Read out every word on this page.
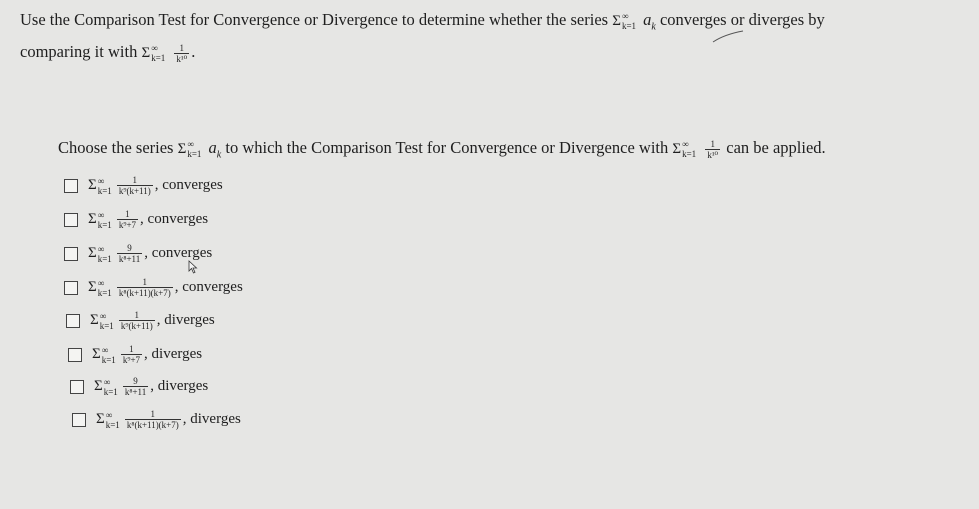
Use the Comparison Test for Convergence or Divergence to determine whether the series Σ ∞
k=1 $a_k$ converges or diverges by
comparing it with Σ ∞
k=1
$\frac{1}{\text{k¹⁰}}$ .
Choose the series Σ ∞
k=1 $a_k$ to which the Comparison Test for Convergence or Divergence with Σ ∞
k=1
$\frac{1}{\text{k¹⁰}}$ can be applied.
Σ ∞
$k=1 \frac{1}{\text{k⁹(k+11)}}$ , converges
Σ ∞
$k=1 \frac{1}{\text{k⁹+7}}$ , converges
Σ ∞
$k=1 \frac{9}{\text{k⁸+11}}$ , converges
Σ ∞
$k=1 \frac{1}{\text{k⁸(k+11)(k+7)}}$ , converges
Σ ∞
$k=1 \frac{1}{\text{k⁹(k+11)}}$ , diverges
Σ ∞
$k=1 \frac{1}{\text{k⁹+7}}$ , diverges
Σ ∞
$k=1 \frac{9}{\text{k⁸+11}}$ , diverges
Σ ∞
$k=1 \frac{1}{\text{k⁸(k+11)(k+7)}}$ , diverges
